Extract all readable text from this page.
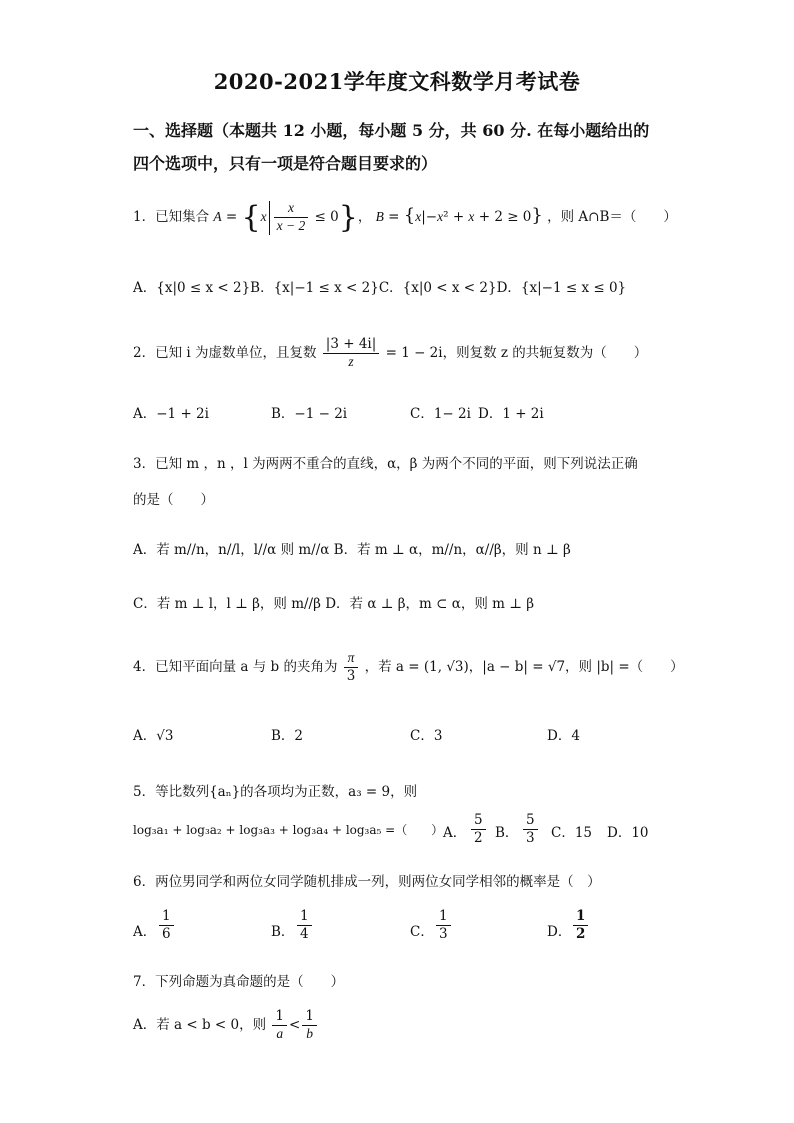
2020-2021学年度文科数学月考试卷
一、选择题（本题共 12 小题，每小题 5 分，共 60 分. 在每小题给出的
四个选项中，只有一项是符合题目要求的）
1．已知集合 $A = \{x \frac{x}{x - 2} \le 0\}$， B = {x|−x² + x + 2 ≥ 0} ，则 A∩B＝（　　）
A．{x|0 ≤ x < 2}B．{x|−1 ≤ x < 2}C．{x|0 < x < 2}D．{x|−1 ≤ x ≤ 0}
2．已知 i 为虚数单位，且复数 $\frac{|3 + 4i|}{z} = 1 - 2i$，则复数 z 的共轭复数为（　　）
A．−1 + 2i	B．−1 − 2i	C．1− 2i D．1 + 2i
3．已知 m ，n ，l 为两两不重合的直线，α，β 为两个不同的平面，则下列说法正确
的是（　　）
A．若 m//n，n//l，l//α 则 m//α B．若 m ⊥ α，m//n，α//β，则 n ⊥ β
C．若 m ⊥ l，l ⊥ β，则 m//β D．若 α ⊥ β，m ⊂ α，则 m ⊥ β
4．已知平面向量 a 与 b 的夹角为 $\frac{\pi}{3}$ ，若 a = (1, √3)，|a − b| = √7，则 |b| =（　　）
A．√3	B．2	C．3	D．4
5．等比数列{aₙ}的各项均为正数，a₃ = 9，则
log₃a₁ + log₃a₂ + log₃a₃ + log₃a₄ + log₃a₅ =（　　） A． $\frac{5}{2}$ B． $\frac{5}{3}$ C．15 D．10
6．两位男同学和两位女同学随机排成一列，则两位女同学相邻的概率是（　）
A． $\frac{1}{6}$	B． $\frac{1}{4}$	C． $\frac{1}{3}$	D． $\frac{1}{2}$
7．下列命题为真命题的是（　　）
A．若 a < b < 0，则 $\frac{1}{a} < \frac{1}{b}$
